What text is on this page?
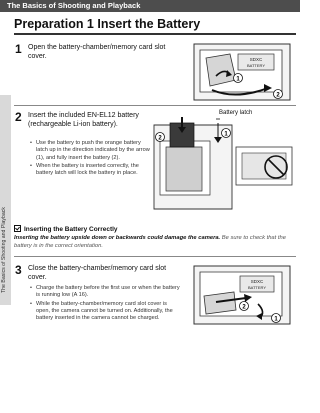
The Basics of Shooting and Playback
The Basics of Shooting and Playback
Preparation 1 Insert the Battery
1 Open the battery-chamber/memory card slot cover.	SDXC
BATTERY
1
2
2 Insert the included EN-EL12 battery (rechargeable Li-ion battery).
• Use the battery to push the orange battery latch up in the direction indicated by the arrow (1), and fully insert the battery (2).
• When the battery is inserted correctly, the battery latch will lock the battery in place.
Battery latch
1
2
Inserting the Battery Correctly
Inserting the battery upside down or backwards could damage the camera. Be sure to check that the battery is in the correct orientation.
3 Close the battery-chamber/memory card slot cover.
• Charge the battery before the first use or when the battery is running low (A 16).
• While the battery-chamber/memory card slot cover is open, the camera cannot be turned on. Additionally, the battery inserted in the camera cannot be charged.
SDXC
BATTERY
2
1
